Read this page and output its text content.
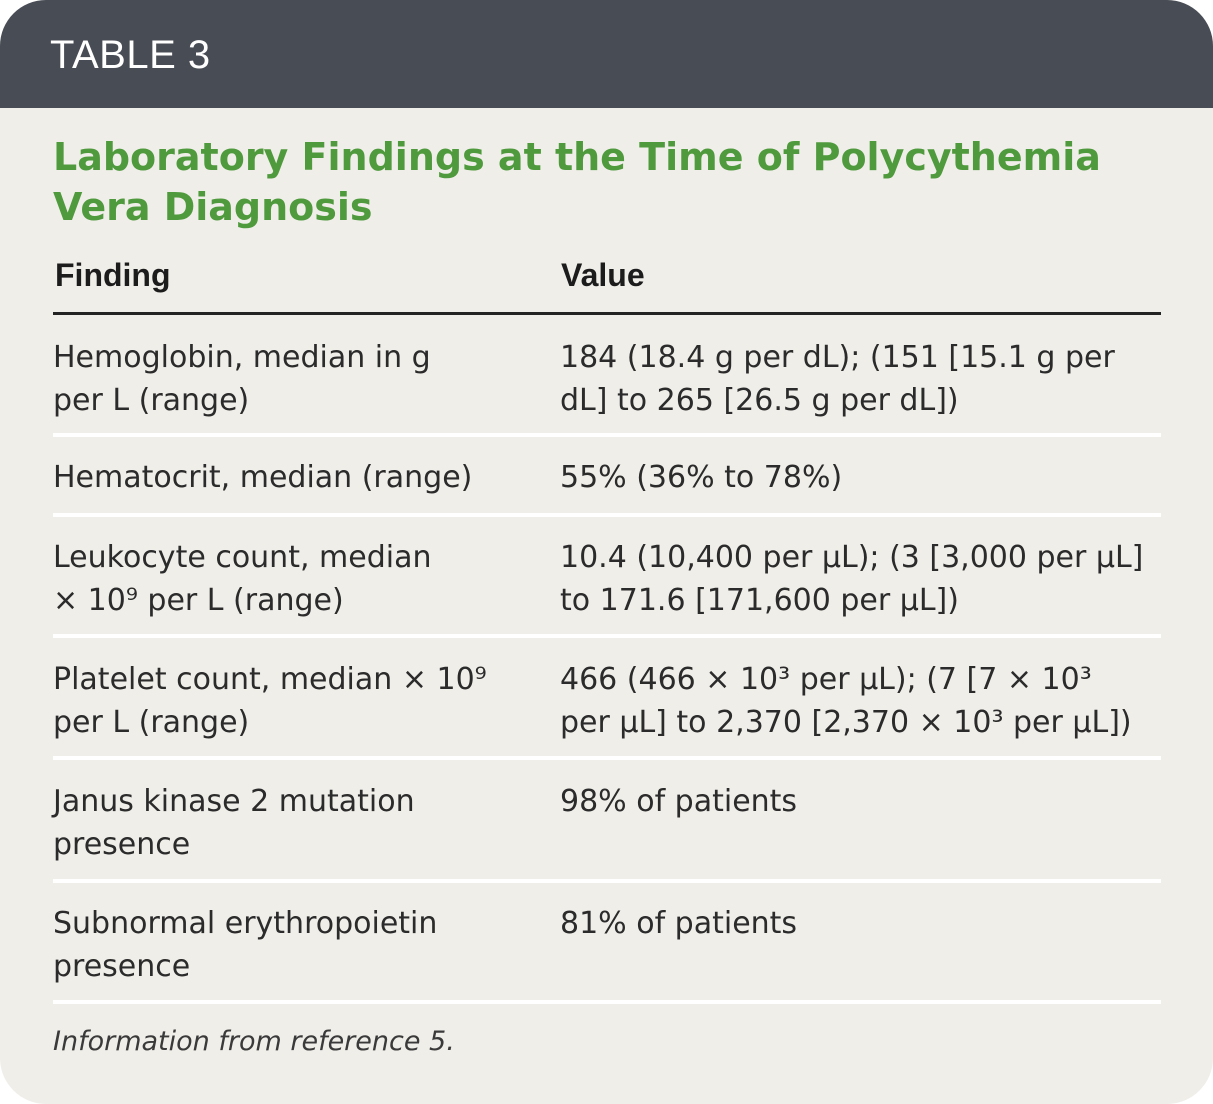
TABLE 3
Laboratory Findings at the Time of Polycythemia Vera Diagnosis
Finding	Value
Hemoglobin, median in g
per L (range)
184 (18.4 g per dL); (151 [15.1 g per
dL] to 265 [26.5 g per dL])
Hematocrit, median (range)	55% (36% to 78%)
Leukocyte count, median
× 10⁹ per L (range)
10.4 (10,400 per µL); (3 [3,000 per µL]
to 171.6 [171,600 per µL])
Platelet count, median × 10⁹
per L (range)
466 (466 × 10³ per µL); (7 [7 × 10³
per µL] to 2,370 [2,370 × 10³ per µL])
Janus kinase 2 mutation
presence
98% of patients
Subnormal erythropoietin
presence
81% of patients
Information from reference 5.
